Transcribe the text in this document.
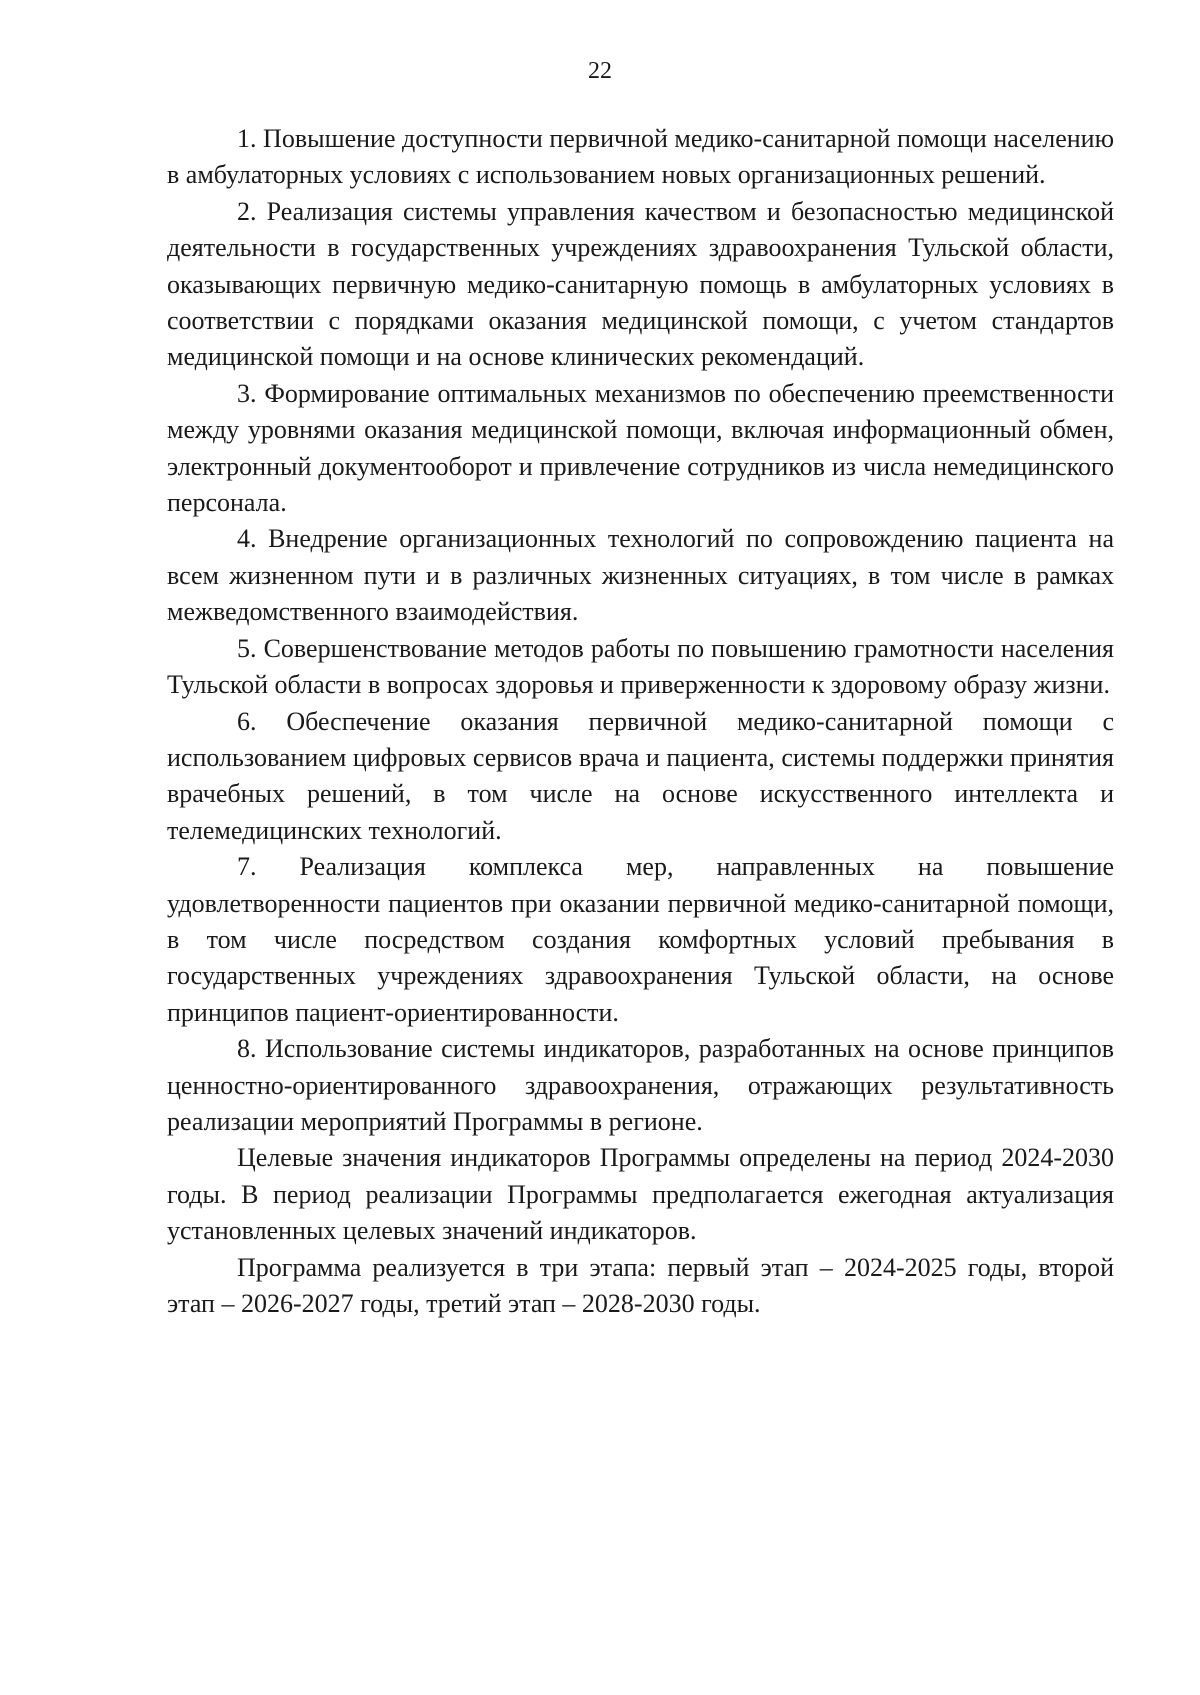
22

1. Повышение доступности первичной медико-санитарной помощи населению в амбулаторных условиях с использованием новых организационных решений.

2. Реализация системы управления качеством и безопасностью медицинской деятельности в государственных учреждениях здравоохранения Тульской области, оказывающих первичную медико-санитарную помощь в амбулаторных условиях в соответствии с порядками оказания медицинской помощи, с учетом стандартов медицинской помощи и на основе клинических рекомендаций.

3. Формирование оптимальных механизмов по обеспечению преемственности между уровнями оказания медицинской помощи, включая информационный обмен, электронный документооборот и привлечение сотрудников из числа немедицинского персонала.

4. Внедрение организационных технологий по сопровождению пациента на всем жизненном пути и в различных жизненных ситуациях, в том числе в рамках межведомственного взаимодействия.

5. Совершенствование методов работы по повышению грамотности населения Тульской области в вопросах здоровья и приверженности к здоровому образу жизни.

6. Обеспечение оказания первичной медико-санитарной помощи с использованием цифровых сервисов врача и пациента, системы поддержки принятия врачебных решений, в том числе на основе искусственного интеллекта и телемедицинских технологий.

7. Реализация комплекса мер, направленных на повышение удовлетворенности пациентов при оказании первичной медико-санитарной помощи, в том числе посредством создания комфортных условий пребывания в государственных учреждениях здравоохранения Тульской области, на основе принципов пациент-ориентированности.

8. Использование системы индикаторов, разработанных на основе принципов ценностно-ориентированного здравоохранения, отражающих результативность реализации мероприятий Программы в регионе.

Целевые значения индикаторов Программы определены на период 2024-2030 годы. В период реализации Программы предполагается ежегодная актуализация установленных целевых значений индикаторов.

Программа реализуется в три этапа: первый этап – 2024-2025 годы, второй этап – 2026-2027 годы, третий этап – 2028-2030 годы.
